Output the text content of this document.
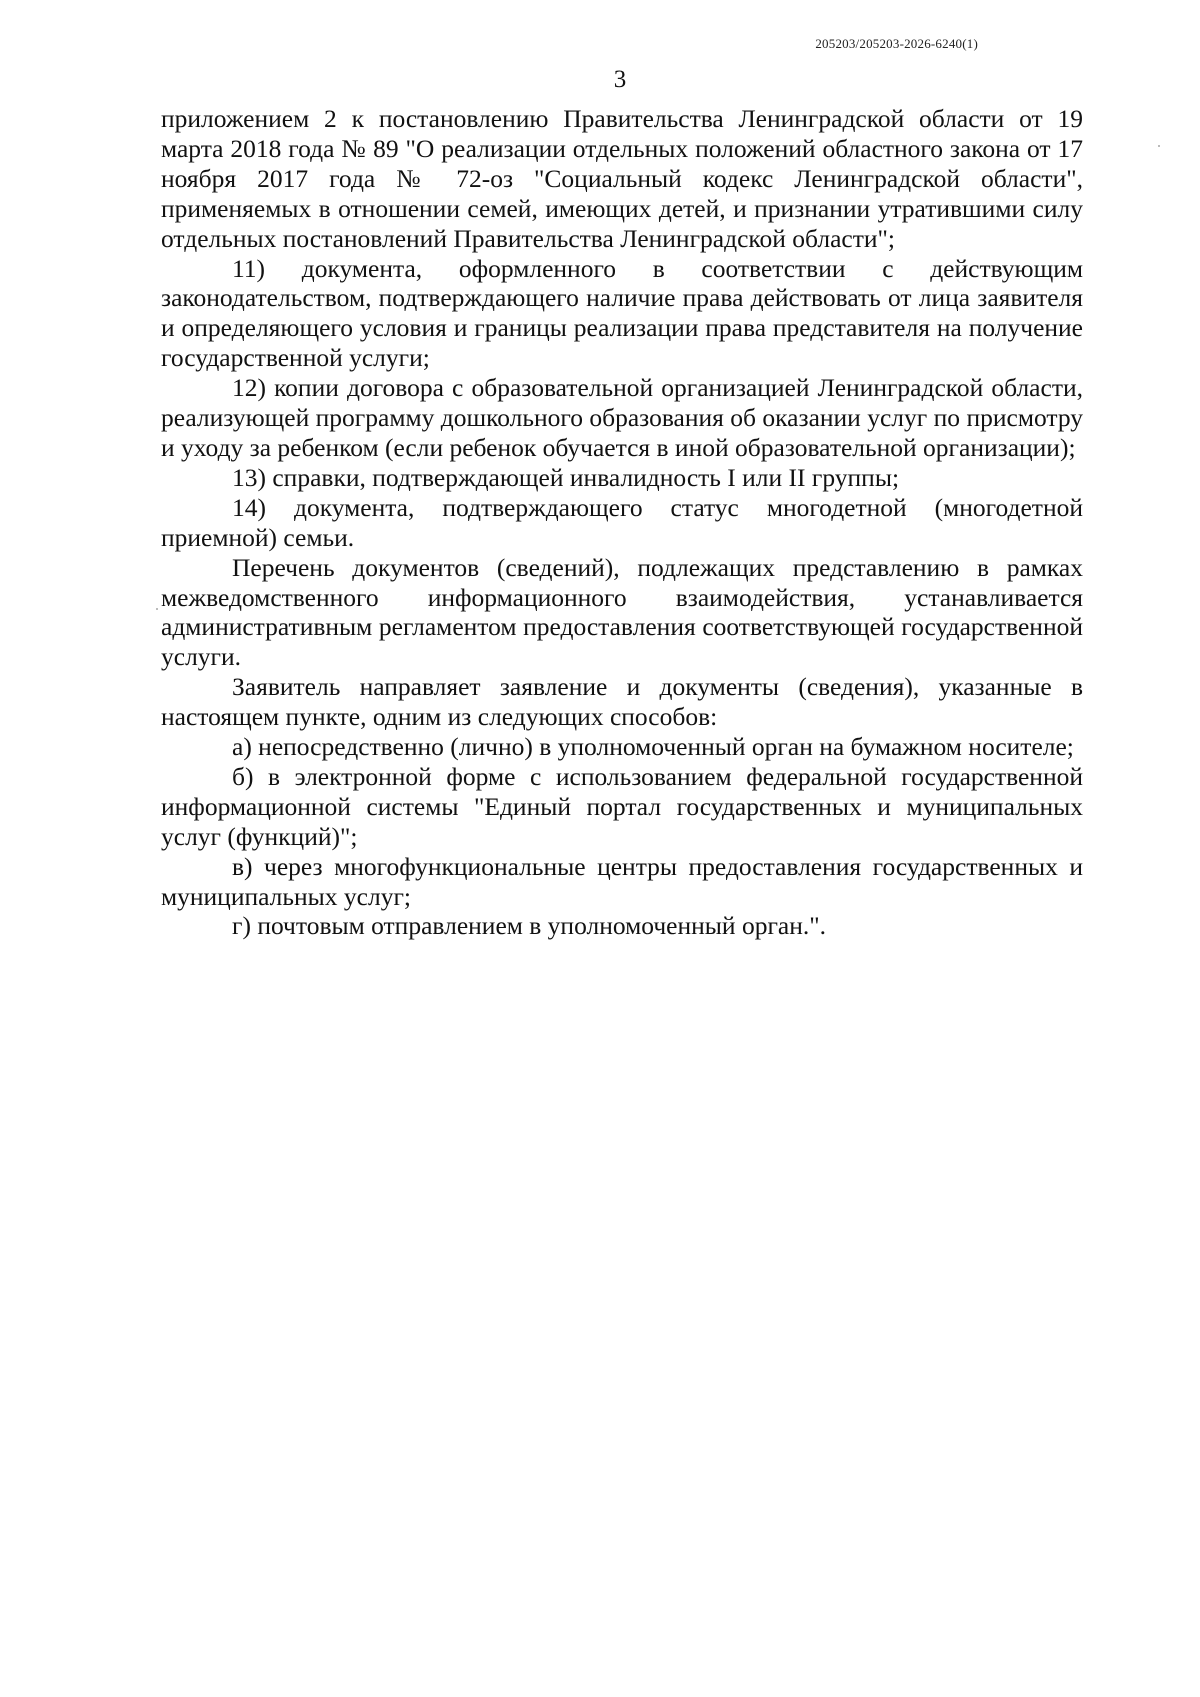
205203/205203-2026-6240(1)
3

приложением 2 к постановлению Правительства Ленинградской области от 19 марта 2018 года № 89 "О реализации отдельных положений областного закона от 17 ноября 2017 года № 72-оз "Социальный кодекс Ленинградской области", применяемых в отношении семей, имеющих детей, и признании утратившими силу отдельных постановлений Правительства Ленинградской области";

11) документа, оформленного в соответствии с действующим законодательством, подтверждающего наличие права действовать от лица заявителя и определяющего условия и границы реализации права представителя на получение государственной услуги;

12) копии договора с образовательной организацией Ленинградской области, реализующей программу дошкольного образования об оказании услуг по присмотру и уходу за ребенком (если ребенок обучается в иной образовательной организации);

13) справки, подтверждающей инвалидность I или II группы;

14) документа, подтверждающего статус многодетной (многодетной приемной) семьи.

Перечень документов (сведений), подлежащих представлению в рамках межведомственного информационного взаимодействия, устанавливается административным регламентом предоставления соответствующей государственной услуги.

Заявитель направляет заявление и документы (сведения), указанные в настоящем пункте, одним из следующих способов:

а) непосредственно (лично) в уполномоченный орган на бумажном носителе;

б) в электронной форме с использованием федеральной государственной информационной системы "Единый портал государственных и муниципальных услуг (функций)";

в) через многофункциональные центры предоставления государственных и муниципальных услуг;

г) почтовым отправлением в уполномоченный орган.".
